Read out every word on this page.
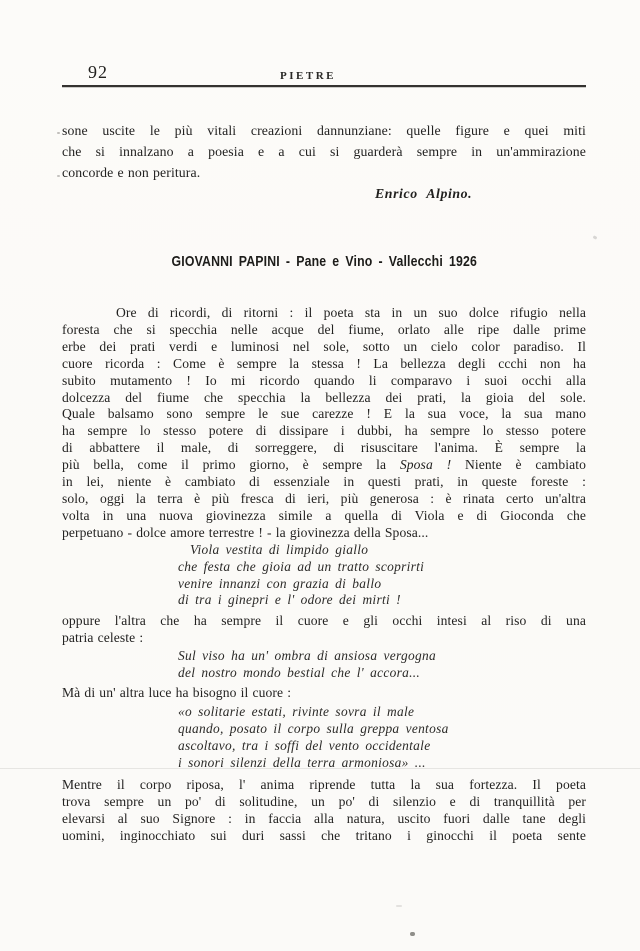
92	PIETRE
sone uscite le più vitali creazioni dannunziane: quelle figure e quei miti
che si innalzano a poesia e a cui si guarderà sempre in un'ammirazione
concorde e non peritura.
Enrico Alpino.
GIOVANNI PAPINI - Pane e Vino - Vallecchi 1926
Ore di ricordi, di ritorni : il poeta sta in un suo dolce rifugio nella
foresta che si specchia nelle acque del fiume, orlato alle ripe dalle prime
erbe dei prati verdi e luminosi nel sole, sotto un cielo color paradiso. Il
cuore ricorda : Come è sempre la stessa ! La bellezza degli ccchi non ha
subito mutamento ! Io mi ricordo quando li comparavo i suoi occhi alla
dolcezza del fiume che specchia la bellezza dei prati, la gioia del sole.
Quale balsamo sono sempre le sue carezze ! E la sua voce, la sua mano
ha sempre lo stesso potere di dissipare i dubbi, ha sempre lo stesso potere
di abbattere il male, di sorreggere, di risuscitare l'anima. È sempre la
più bella, come il primo giorno, è sempre la Sposa ! Niente è cambiato
in lei, niente è cambiato di essenziale in questi prati, in queste foreste :
solo, oggi la terra è più fresca di ieri, più generosa : è rinata certo un'altra
volta in una nuova giovinezza simile a quella di Viola e di Gioconda che
perpetuano - dolce amore terrestre ! - la giovinezza della Sposa...
Viola vestita di limpido giallo
che festa che gioia ad un tratto scoprirti
venire innanzi con grazia di ballo
di tra i ginepri e l' odore dei mirti !
oppure l'altra che ha sempre il cuore e gli occhi intesi al riso di una
patria celeste :
Sul viso ha un' ombra di ansiosa vergogna
del nostro mondo bestial che l' accora...
Mà di un' altra luce ha bisogno il cuore :
«o solitarie estati, rivinte sovra il male
quando, posato il corpo sulla greppa ventosa
ascoltavo, tra i soffi del vento occidentale
i sonori silenzi della terra armoniosa» ...
Mentre il corpo riposa, l' anima riprende tutta la sua fortezza. Il poeta
trova sempre un po' di solitudine, un po' di silenzio e di tranquillità per
elevarsi al suo Signore : in faccia alla natura, uscito fuori dalle tane degli
uomini, inginocchiato sui duri sassi che tritano i ginocchi il poeta sente
